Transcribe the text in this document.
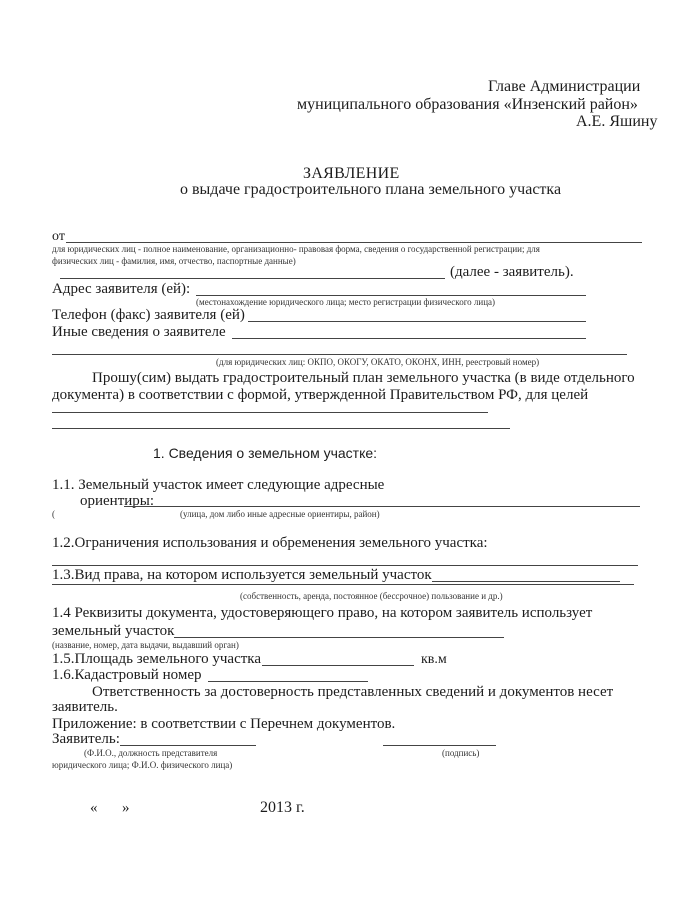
Главе Администрации
муниципального образования «Инзенский район»
А.Е. Яшину
ЗАЯВЛЕНИЕ
о выдаче градостроительного плана земельного участка
от
для юридических лиц - полное наименование, организационно- правовая форма, сведения о государственной регистрации; для
физических лиц - фамилия, имя, отчество, паспортные данные)
(далее - заявитель).
Адрес заявителя (ей):
(местонахождение юридического лица; место регистрации физического лица)
Телефон (факс) заявителя (ей)
Иные сведения о заявителе
(для юридических лиц: ОКПО, ОКОГУ, ОКАТО, ОКОНХ, ИНН, реестровый номер)
Прошу(сим) выдать градостроительный план земельного участка (в виде отдельного
документа) в соответствии с формой, утвержденной Правительством РФ, для целей
1. Сведения о земельном участке:
1.1. Земельный участок имеет следующие адресные
ориентиры:
(	(улица, дом либо иные адресные ориентиры, район)
1.2.Ограничения использования и обременения земельного участка:
1.3.Вид права, на котором используется земельный участок
(собственность, аренда, постоянное (бессрочное) пользование и др.)
1.4 Реквизиты документа, удостоверяющего право, на котором заявитель использует
земельный участок
(название, номер, дата выдачи, выдавший орган)
1.5.Площадь земельного участка	кв.м
1.6.Кадастровый номер
Ответственность за достоверность представленных сведений и документов несет
заявитель.
Приложение: в соответствии с Перечнем документов.
Заявитель:
(Ф.И.О., должность представителя
юридического лица; Ф.И.О. физического лица)
(подпись)
« »	2013 г.
